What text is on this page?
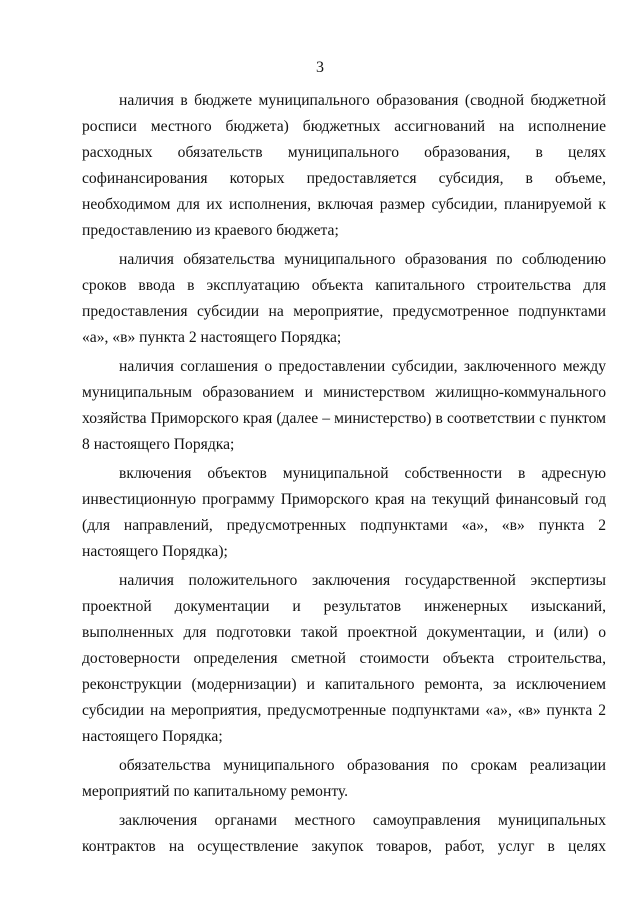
3

наличия в бюджете муниципального образования (сводной бюджетной росписи местного бюджета) бюджетных ассигнований на исполнение расходных обязательств муниципального образования, в целях софинансирования которых предоставляется субсидия, в объеме, необходимом для их исполнения, включая размер субсидии, планируемой к предоставлению из краевого бюджета;

наличия обязательства муниципального образования по соблюдению сроков ввода в эксплуатацию объекта капитального строительства для предоставления субсидии на мероприятие, предусмотренное подпунктами «а», «в» пункта 2 настоящего Порядка;

наличия соглашения о предоставлении субсидии, заключенного между муниципальным образованием и министерством жилищно-коммунального хозяйства Приморского края (далее – министерство) в соответствии с пунктом 8 настоящего Порядка;

включения объектов муниципальной собственности в адресную инвестиционную программу Приморского края на текущий финансовый год (для направлений, предусмотренных подпунктами «а», «в» пункта 2 настоящего Порядка);

наличия положительного заключения государственной экспертизы проектной документации и результатов инженерных изысканий, выполненных для подготовки такой проектной документации, и (или) о достоверности определения сметной стоимости объекта строительства, реконструкции (модернизации) и капитального ремонта, за исключением субсидии на мероприятия, предусмотренные подпунктами «а», «в» пункта 2 настоящего Порядка;

обязательства муниципального образования по срокам реализации мероприятий по капитальному ремонту.

заключения органами местного самоуправления муниципальных контрактов на осуществление закупок товаров, работ, услуг в целях
